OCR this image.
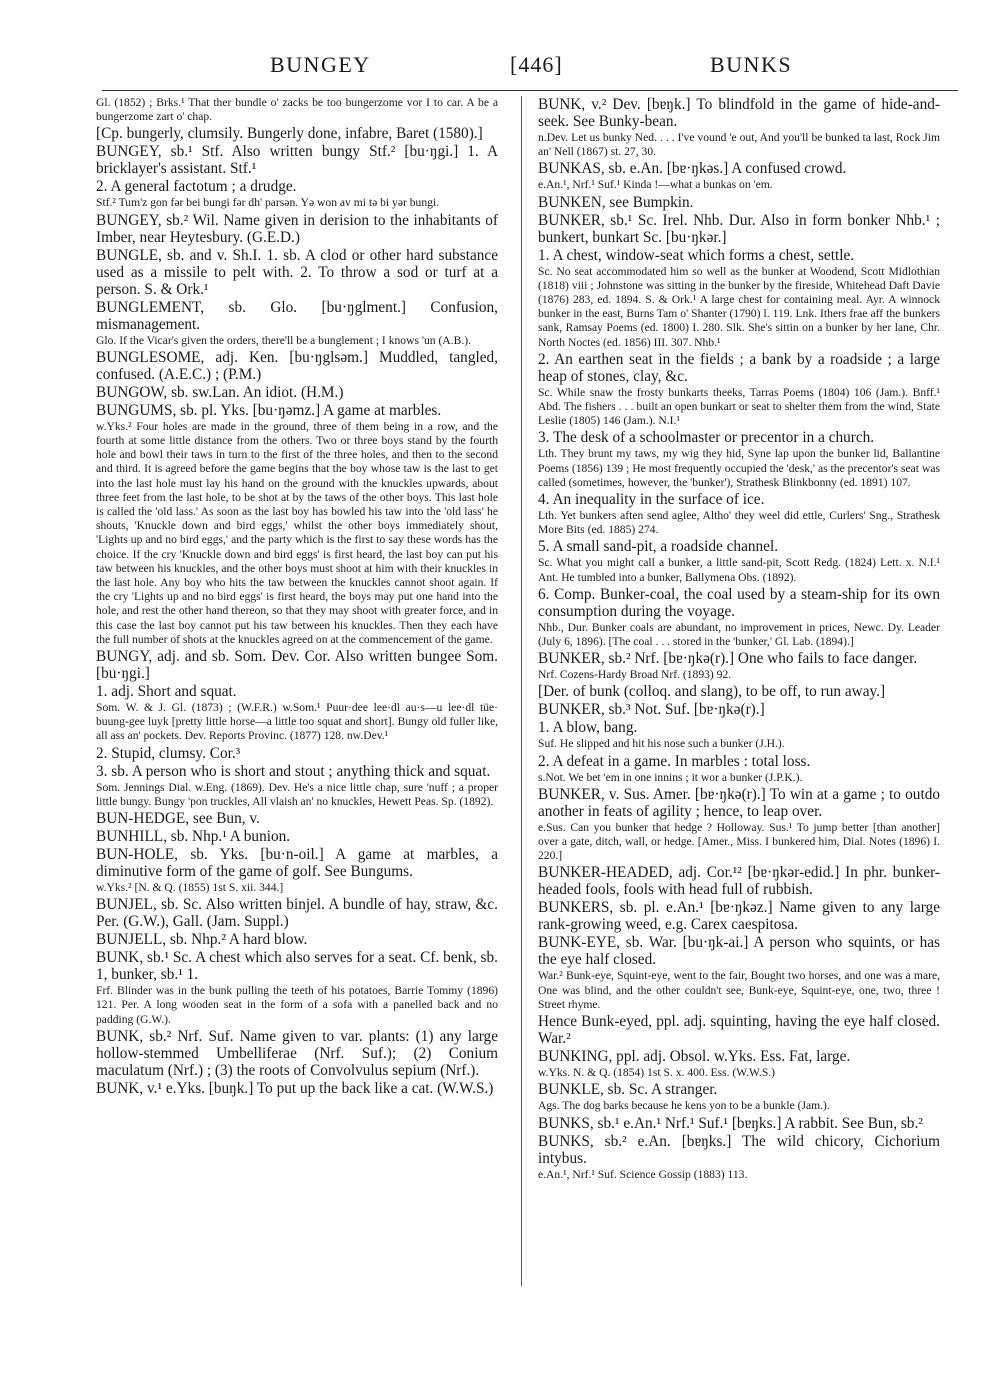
BUNGEY	[446]	BUNKS

Gl. (1852) ; Brks.¹ That ther bundle o' zacks be too bungerzome vor I to car. A be a bungerzome zart o' chap.

[Cp. bungerly, clumsily. Bungerly done, infabre, Baret (1580).]

BUNGEY, sb.¹ Stf. Also written bungy Stf.² [bu·ŋgi.] 1. A bricklayer's assistant. Stf.¹

2. A general factotum ; a drudge.

Stf.² Tum'z gon fər bei bungi fər dh' parsən. Yə won av mi tə bi yər bungi.

BUNGEY, sb.² Wil. Name given in derision to the inhabitants of Imber, near Heytesbury. (G.E.D.)

BUNGLE, sb. and v. Sh.I. 1. sb. A clod or other hard substance used as a missile to pelt with. 2. To throw a sod or turf at a person. S. & Ork.¹

BUNGLEMENT, sb. Glo. [bu·ŋglment.] Confusion, mismanagement.

Glo. If the Vicar's given the orders, there'll be a bunglement ; I knows 'un (A.B.).

BUNGLESOME, adj. Ken. [bu·ŋglsəm.] Muddled, tangled, confused. (A.E.C.) ; (P.M.)

BUNGOW, sb. sw.Lan. An idiot. (H.M.)

BUNGUMS, sb. pl. Yks. [bu·ŋəmz.] A game at marbles.

w.Yks.² Four holes are made in the ground, three of them being in a row, and the fourth at some little distance from the others. Two or three boys stand by the fourth hole and bowl their taws in turn to the first of the three holes, and then to the second and third. It is agreed before the game begins that the boy whose taw is the last to get into the last hole must lay his hand on the ground with the knuckles upwards, about three feet from the last hole, to be shot at by the taws of the other boys. This last hole is called the 'old lass.' As soon as the last boy has bowled his taw into the 'old lass' he shouts, 'Knuckle down and bird eggs,' whilst the other boys immediately shout, 'Lights up and no bird eggs,' and the party which is the first to say these words has the choice. If the cry 'Knuckle down and bird eggs' is first heard, the last boy can put his taw between his knuckles, and the other boys must shoot at him with their knuckles in the last hole. Any boy who hits the taw between the knuckles cannot shoot again. If the cry 'Lights up and no bird eggs' is first heard, the boys may put one hand into the hole, and rest the other hand thereon, so that they may shoot with greater force, and in this case the last boy cannot put his taw between his knuckles. Then they each have the full number of shots at the knuckles agreed on at the commencement of the game.

BUNGY, adj. and sb. Som. Dev. Cor. Also written bungee Som. [bu·ŋgi.]

1. adj. Short and squat.

Som. W. & J. Gl. (1873) ; (W.F.R.) w.Som.¹ Puur·dee lee·dl au·s—u lee·dl tüe· buung-gee luyk [pretty little horse—a little too squat and short]. Bungy old fuller like, all ass an' pockets. Dev. Reports Provinc. (1877) 128. nw.Dev.¹

2. Stupid, clumsy. Cor.³

3. sb. A person who is short and stout ; anything thick and squat.

Som. Jennings Dial. w.Eng. (1869). Dev. He's a nice little chap, sure 'nuff ; a proper little bungy. Bungy 'pon truckles, All vlaish an' no knuckles, Hewett Peas. Sp. (1892).

BUN-HEDGE, see Bun, v.

BUNHILL, sb. Nhp.¹ A bunion.

BUN-HOLE, sb. Yks. [bu·n-oil.] A game at marbles, a diminutive form of the game of golf. See Bungums.

w.Yks.² [N. & Q. (1855) 1st S. xii. 344.]

BUNJEL, sb. Sc. Also written binjel. A bundle of hay, straw, &c. Per. (G.W.), Gall. (Jam. Suppl.)

BUNJELL, sb. Nhp.² A hard blow.

BUNK, sb.¹ Sc. A chest which also serves for a seat. Cf. benk, sb. 1, bunker, sb.¹ 1.

Frf. Blinder was in the bunk pulling the teeth of his potatoes, Barrie Tommy (1896) 121. Per. A long wooden seat in the form of a sofa with a panelled back and no padding (G.W.).

BUNK, sb.² Nrf. Suf. Name given to var. plants: (1) any large hollow-stemmed Umbelliferae (Nrf. Suf.); (2) Conium maculatum (Nrf.) ; (3) the roots of Convolvulus sepium (Nrf.).

BUNK, v.¹ e.Yks. [buŋk.] To put up the back like a cat. (W.W.S.)

BUNK, v.² Dev. [bɐŋk.] To blindfold in the game of hide-and-seek. See Bunky-bean.

n.Dev. Let us bunky Ned. . . . I've vound 'e out, And you'll be bunked ta last, Rock Jim an' Nell (1867) st. 27, 30.

BUNKAS, sb. e.An. [bɐ·ŋkəs.] A confused crowd.

e.An.¹, Nrf.¹ Suf.¹ Kinda !—what a bunkas on 'em.

BUNKEN, see Bumpkin.

BUNKER, sb.¹ Sc. Irel. Nhb. Dur. Also in form bonker Nhb.¹ ; bunkert, bunkart Sc. [bu·ŋkər.]

1. A chest, window-seat which forms a chest, settle.

Sc. No seat accommodated him so well as the bunker at Woodend, Scott Midlothian (1818) viii ; Johnstone was sitting in the bunker by the fireside, Whitehead Daft Davie (1876) 283, ed. 1894. S. & Ork.¹ A large chest for containing meal. Ayr. A winnock bunker in the east, Burns Tam o' Shanter (1790) l. 119. Lnk. Ithers frae aff the bunkers sank, Ramsay Poems (ed. 1800) I. 280. Slk. She's sittin on a bunker by her lane, Chr. North Noctes (ed. 1856) III. 307. Nhb.¹

2. An earthen seat in the fields ; a bank by a roadside ; a large heap of stones, clay, &c.

Sc. While snaw the frosty bunkarts theeks, Tarras Poems (1804) 106 (Jam.). Bnff.¹ Abd. The fishers . . . built an open bunkart or seat to shelter them from the wind, State Leslie (1805) 146 (Jam.). N.I.¹

3. The desk of a schoolmaster or precentor in a church.

Lth. They brunt my taws, my wig they hid, Syne lap upon the bunker lid, Ballantine Poems (1856) 139 ; He most frequently occupied the 'desk,' as the precentor's seat was called (sometimes, however, the 'bunker'), Strathesk Blinkbonny (ed. 1891) 107.

4. An inequality in the surface of ice.

Lth. Yet bunkers aften send aglee, Altho' they weel did ettle, Curlers' Sng., Strathesk More Bits (ed. 1885) 274.

5. A small sand-pit, a roadside channel.

Sc. What you might call a bunker, a little sand-pit, Scott Redg. (1824) Lett. x. N.I.¹ Ant. He tumbled into a bunker, Ballymena Obs. (1892).

6. Comp. Bunker-coal, the coal used by a steam-ship for its own consumption during the voyage.

Nhb., Dur. Bunker coals are abundant, no improvement in prices, Newc. Dy. Leader (July 6, 1896). [The coal . . . stored in the 'bunker,' Gl. Lab. (1894).]

BUNKER, sb.² Nrf. [bɐ·ŋkə(r).] One who fails to face danger.

Nrf. Cozens-Hardy Broad Nrf. (1893) 92.

[Der. of bunk (colloq. and slang), to be off, to run away.]

BUNKER, sb.³ Not. Suf. [bɐ·ŋkə(r).]

1. A blow, bang.

Suf. He slipped and hit his nose such a bunker (J.H.).

2. A defeat in a game. In marbles : total loss.

s.Not. We bet 'em in one innins ; it wor a bunker (J.P.K.).

BUNKER, v. Sus. Amer. [bɐ·ŋkə(r).] To win at a game ; to outdo another in feats of agility ; hence, to leap over.

e.Sus. Can you bunker that hedge ? Holloway. Sus.¹ To jump better [than another] over a gate, ditch, wall, or hedge. [Amer., Miss. I bunkered him, Dial. Notes (1896) I. 220.]

BUNKER-HEADED, adj. Cor.¹² [bɐ·ŋkər-edid.] In phr. bunker-headed fools, fools with head full of rubbish.

BUNKERS, sb. pl. e.An.¹ [bɐ·ŋkəz.] Name given to any large rank-growing weed, e.g. Carex caespitosa.

BUNK-EYE, sb. War. [bu·ŋk-ai.] A person who squints, or has the eye half closed.

War.² Bunk-eye, Squint-eye, went to the fair, Bought two horses, and one was a mare, One was blind, and the other couldn't see, Bunk-eye, Squint-eye, one, two, three ! Street rhyme.

Hence Bunk-eyed, ppl. adj. squinting, having the eye half closed. War.²

BUNKING, ppl. adj. Obsol. w.Yks. Ess. Fat, large.

w.Yks. N. & Q. (1854) 1st S. x. 400. Ess. (W.W.S.)

BUNKLE, sb. Sc. A stranger.

Ags. The dog barks because he kens yon to be a bunkle (Jam.).

BUNKS, sb.¹ e.An.¹ Nrf.¹ Suf.¹ [bɐŋks.] A rabbit. See Bun, sb.²

BUNKS, sb.² e.An. [bɐŋks.] The wild chicory, Cichorium intybus.

e.An.¹, Nrf.¹ Suf. Science Gossip (1883) 113.
